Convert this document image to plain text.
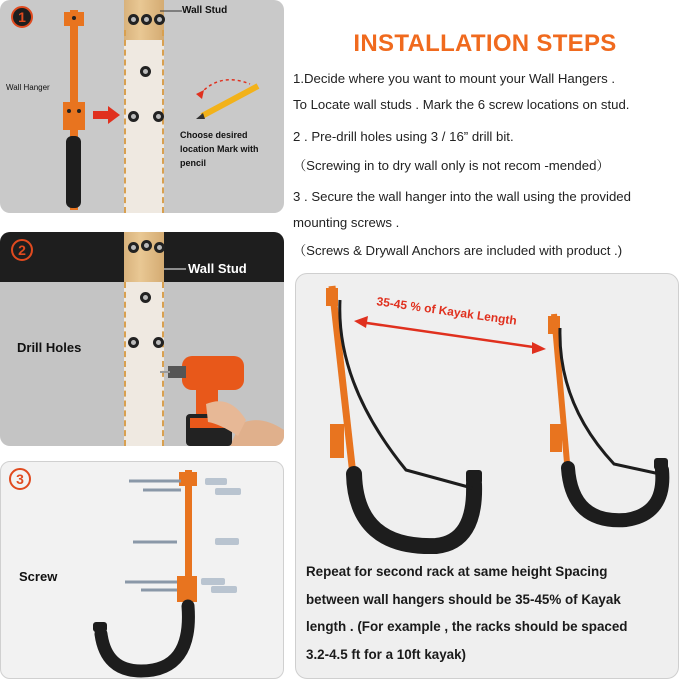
1	Wall Stud
Wall Hanger
Choose desired
location Mark with
pencil
2
Wall Stud
Drill Holes
3
Screw
INSTALLATION STEPS
1.Decide where you want to mount your Wall Hangers .
To Locate wall studs . Mark the 6 screw locations on stud.
2 . Pre-drill holes using 3 / 16” drill bit.
（Screwing in to dry wall only is not recom -mended）
3 . Secure the wall hanger into the wall using the provided
mounting screws .
（Screws & Drywall Anchors are included with product .)
35-45 % of Kayak Length
Repeat for second rack at same height Spacing
between wall hangers should be 35-45% of Kayak
length . (For example , the racks should be spaced
3.2-4.5 ft for a 10ft kayak)
